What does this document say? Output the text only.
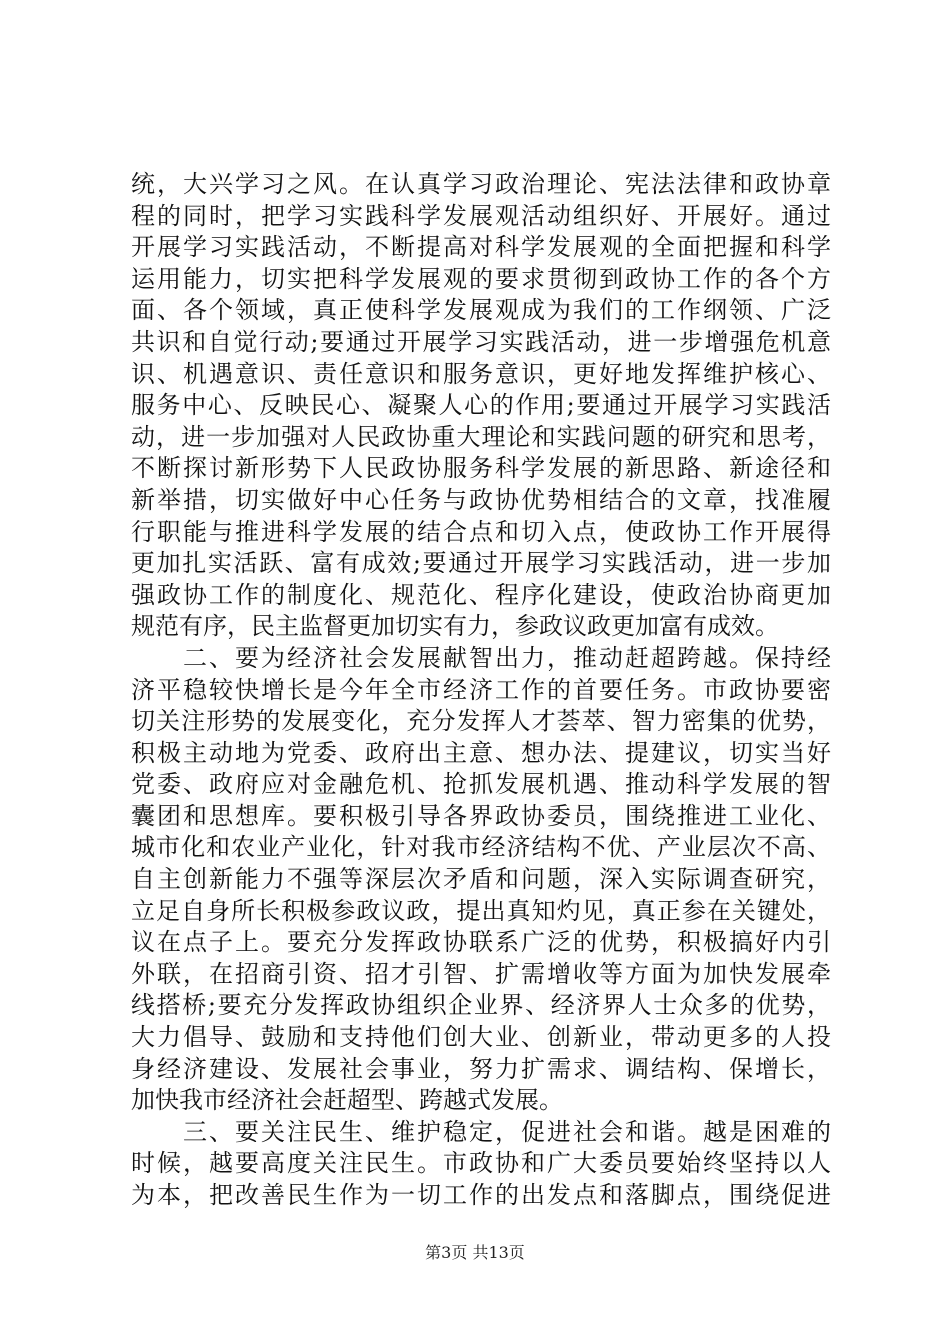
统，大兴学习之风。在认真学习政治理论、宪法法律和政协章
程的同时，把学习实践科学发展观活动组织好、开展好。通过
开展学习实践活动，不断提高对科学发展观的全面把握和科学
运用能力，切实把科学发展观的要求贯彻到政协工作的各个方
面、各个领域，真正使科学发展观成为我们的工作纲领、广泛
共识和自觉行动;要通过开展学习实践活动，进一步增强危机意
识、机遇意识、责任意识和服务意识，更好地发挥维护核心、
服务中心、反映民心、凝聚人心的作用;要通过开展学习实践活
动，进一步加强对人民政协重大理论和实践问题的研究和思考，
不断探讨新形势下人民政协服务科学发展的新思路、新途径和
新举措，切实做好中心任务与政协优势相结合的文章，找准履
行职能与推进科学发展的结合点和切入点，使政协工作开展得
更加扎实活跃、富有成效;要通过开展学习实践活动，进一步加
强政协工作的制度化、规范化、程序化建设，使政治协商更加
规范有序，民主监督更加切实有力，参政议政更加富有成效。
　　二、要为经济社会发展献智出力，推动赶超跨越。保持经
济平稳较快增长是今年全市经济工作的首要任务。市政协要密
切关注形势的发展变化，充分发挥人才荟萃、智力密集的优势，
积极主动地为党委、政府出主意、想办法、提建议，切实当好
党委、政府应对金融危机、抢抓发展机遇、推动科学发展的智
囊团和思想库。要积极引导各界政协委员，围绕推进工业化、
城市化和农业产业化，针对我市经济结构不优、产业层次不高、
自主创新能力不强等深层次矛盾和问题，深入实际调查研究，
立足自身所长积极参政议政，提出真知灼见，真正参在关键处，
议在点子上。要充分发挥政协联系广泛的优势，积极搞好内引
外联，在招商引资、招才引智、扩需增收等方面为加快发展牵
线搭桥;要充分发挥政协组织企业界、经济界人士众多的优势，
大力倡导、鼓励和支持他们创大业、创新业，带动更多的人投
身经济建设、发展社会事业，努力扩需求、调结构、保增长，
加快我市经济社会赶超型、跨越式发展。
　　三、要关注民生、维护稳定，促进社会和谐。越是困难的
时候，越要高度关注民生。市政协和广大委员要始终坚持以人
为本，把改善民生作为一切工作的出发点和落脚点，围绕促进
第3页 共13页
